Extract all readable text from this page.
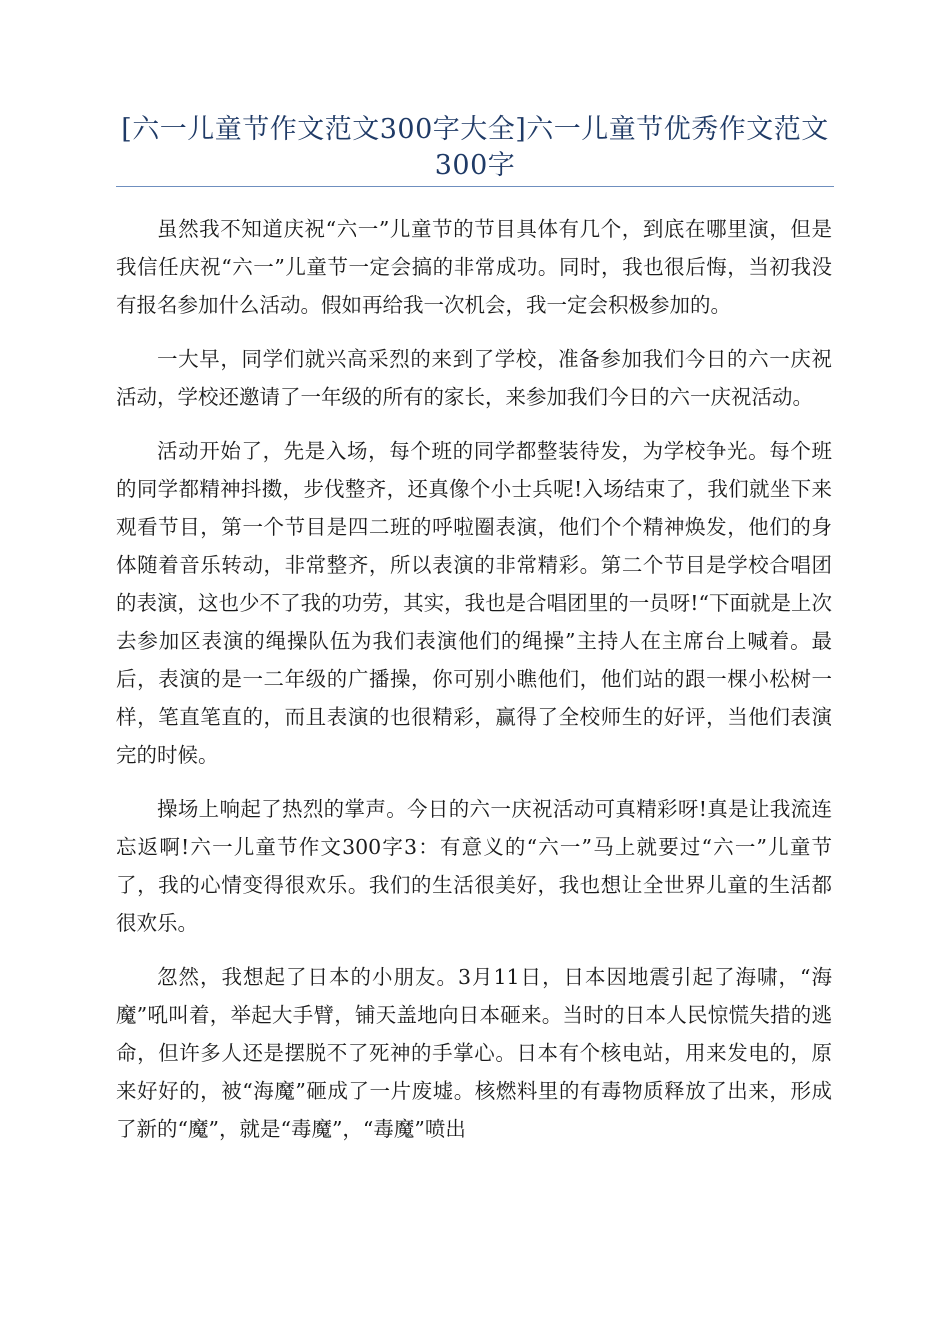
[六一儿童节作文范文300字大全]六一儿童节优秀作文范文300字

虽然我不知道庆祝“六一”儿童节的节目具体有几个，到底在哪里演，但是我信任庆祝“六一”儿童节一定会搞的非常成功。同时，我也很后悔，当初我没有报名参加什么活动。假如再给我一次机会，我一定会积极参加的。

一大早，同学们就兴高采烈的来到了学校，准备参加我们今日的六一庆祝活动，学校还邀请了一年级的所有的家长，来参加我们今日的六一庆祝活动。

活动开始了，先是入场，每个班的同学都整装待发，为学校争光。每个班的同学都精神抖擞，步伐整齐，还真像个小士兵呢!入场结束了，我们就坐下来观看节目，第一个节目是四二班的呼啦圈表演，他们个个精神焕发，他们的身体随着音乐转动，非常整齐，所以表演的非常精彩。第二个节目是学校合唱团的表演，这也少不了我的功劳，其实，我也是合唱团里的一员呀!“下面就是上次去参加区表演的绳操队伍为我们表演他们的绳操”主持人在主席台上喊着。最后，表演的是一二年级的广播操，你可别小瞧他们，他们站的跟一棵小松树一样，笔直笔直的，而且表演的也很精彩，赢得了全校师生的好评，当他们表演完的时候。

操场上响起了热烈的掌声。今日的六一庆祝活动可真精彩呀!真是让我流连忘返啊!六一儿童节作文300字3：有意义的“六一”马上就要过“六一”儿童节了，我的心情变得很欢乐。我们的生活很美好，我也想让全世界儿童的生活都很欢乐。

忽然，我想起了日本的小朋友。3月11日，日本因地震引起了海啸，“海魔”吼叫着，举起大手臂，铺天盖地向日本砸来。当时的日本人民惊慌失措的逃命，但许多人还是摆脱不了死神的手掌心。日本有个核电站，用来发电的，原来好好的，被“海魔”砸成了一片废墟。核燃料里的有毒物质释放了出来，形成了新的“魔”，就是“毒魔”，“毒魔”喷出
